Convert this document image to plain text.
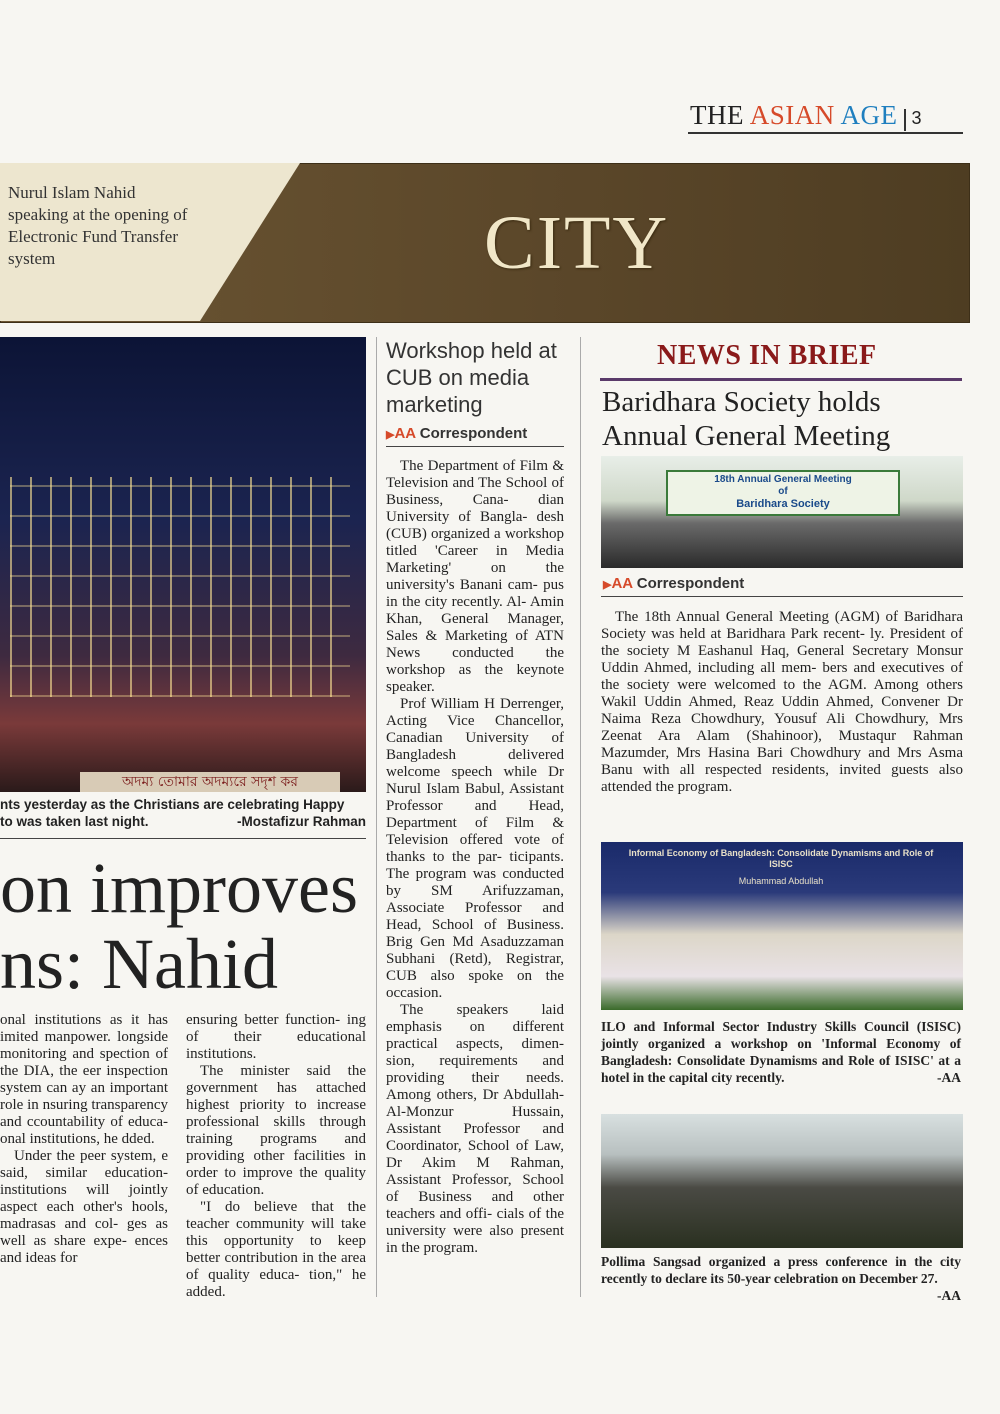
THE ASIAN AGE 3
Nurul Islam Nahid speaking at the opening of Electronic Fund Transfer system	CITY
অদম্য তোমার অদম্যরে সদৃশ কর
nts yesterday as the Christians are celebrating Happy
to was taken last night.	-Mostafizur Rahman
on improves
ns: Nahid

onal institutions as it has imited manpower. longside monitoring and spection of the DIA, the eer inspection system can ay an important role in nsuring transparency and ccountability of educa- onal institutions, he dded.

Under the peer system, e said, similar education- institutions will jointly aspect each other's hools, madrasas and col- ges as well as share expe- ences and ideas for

ensuring better function- ing of their educational institutions.

The minister said the government has attached highest priority to increase professional skills through training programs and providing other facilities in order to improve the quality of education.

"I do believe that the teacher community will take this opportunity to keep better contribution in the area of quality educa- tion," he added.

Workshop held at CUB on media marketing
▶AA Correspondent

The Department of Film & Television and The School of Business, Cana- dian University of Bangla- desh (CUB) organized a workshop titled 'Career in Media Marketing' on the university's Banani cam- pus in the city recently. Al- Amin Khan, General Manager, Sales & Marketing of ATN News conducted the workshop as the keynote speaker.

Prof William H Derrenger, Acting Vice Chancellor, Canadian University of Bangladesh delivered welcome speech while Dr Nurul Islam Babul, Assistant Professor and Head, Department of Film & Television offered vote of thanks to the par- ticipants. The program was conducted by SM Arifuzzaman, Associate Professor and Head, School of Business. Brig Gen Md Asaduzzaman Subhani (Retd), Registrar, CUB also spoke on the occasion.

The speakers laid emphasis on different practical aspects, dimen- sion, requirements and providing their needs. Among others, Dr Abdullah-Al-Monzur Hussain, Assistant Professor and Coordinator, School of Law, Dr Akim M Rahman, Assistant Professor, School of Business and other teachers and offi- cials of the university were also present in the program.

NEWS IN BRIEF
Baridhara Society holds Annual General Meeting
18th Annual General Meeting
of
Baridhara Society
▶AA Correspondent

The 18th Annual General Meeting (AGM) of Baridhara Society was held at Baridhara Park recent- ly. President of the society M Eashanul Haq, General Secretary Monsur Uddin Ahmed, including all mem- bers and executives of the society were welcomed to the AGM. Among others Wakil Uddin Ahmed, Reaz Uddin Ahmed, Convener Dr Naima Reza Chowdhury, Yousuf Ali Chowdhury, Mrs Zeenat Ara Alam (Shahinoor), Mustaqur Rahman Mazumder, Mrs Hasina Bari Chowdhury and Mrs Asma Banu with all respected residents, invited guests also attended the program.

Informal Economy of Bangladesh: Consolidate Dynamisms and Role of ISISC
Muhammad Abdullah
ILO and Informal Sector Industry Skills Council (ISISC) jointly organized a workshop on 'Informal Economy of Bangladesh: Consolidate Dynamisms and Role of ISISC' at a hotel in the capital city recently.	-AA
Pollima Sangsad organized a press conference in the city recently to declare its 50-year celebration on December 27.
-AA
